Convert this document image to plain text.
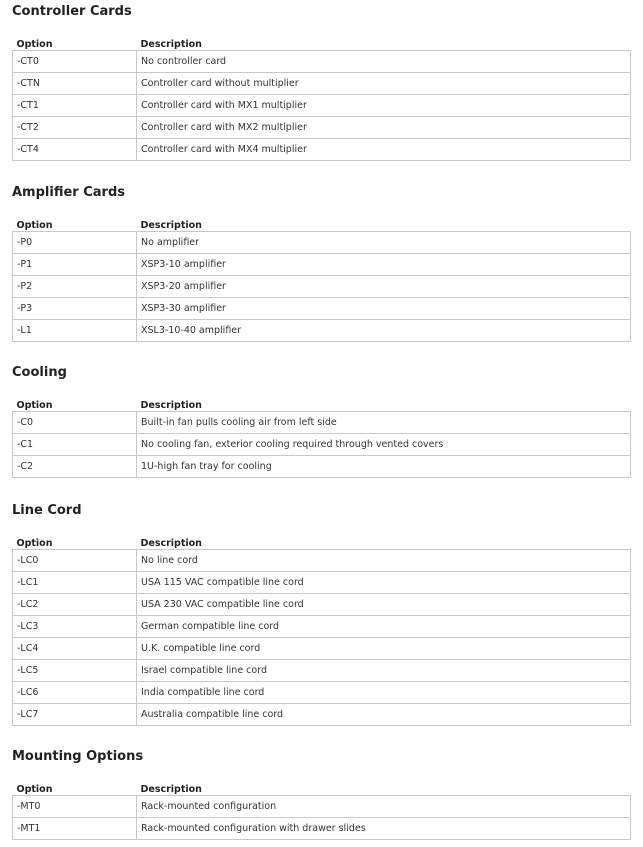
Controller Cards
Option	Description
-CT0	No controller card
-CTN	Controller card without multiplier
-CT1	Controller card with MX1 multiplier
-CT2	Controller card with MX2 multiplier
-CT4	Controller card with MX4 multiplier
Amplifier Cards
Option	Description
-P0	No amplifier
-P1	XSP3-10 amplifier
-P2	XSP3-20 amplifier
-P3	XSP3-30 amplifier
-L1	XSL3-10-40 amplifier
Cooling
Option	Description
-C0	Built-in fan pulls cooling air from left side
-C1	No cooling fan, exterior cooling required through vented covers
-C2	1U-high fan tray for cooling
Line Cord
Option	Description
-LC0	No line cord
-LC1	USA 115 VAC compatible line cord
-LC2	USA 230 VAC compatible line cord
-LC3	German compatible line cord
-LC4	U.K. compatible line cord
-LC5	Israel compatible line cord
-LC6	India compatible line cord
-LC7	Australia compatible line cord
Mounting Options
Option	Description
-MT0	Rack-mounted configuration
-MT1	Rack-mounted configuration with drawer slides
